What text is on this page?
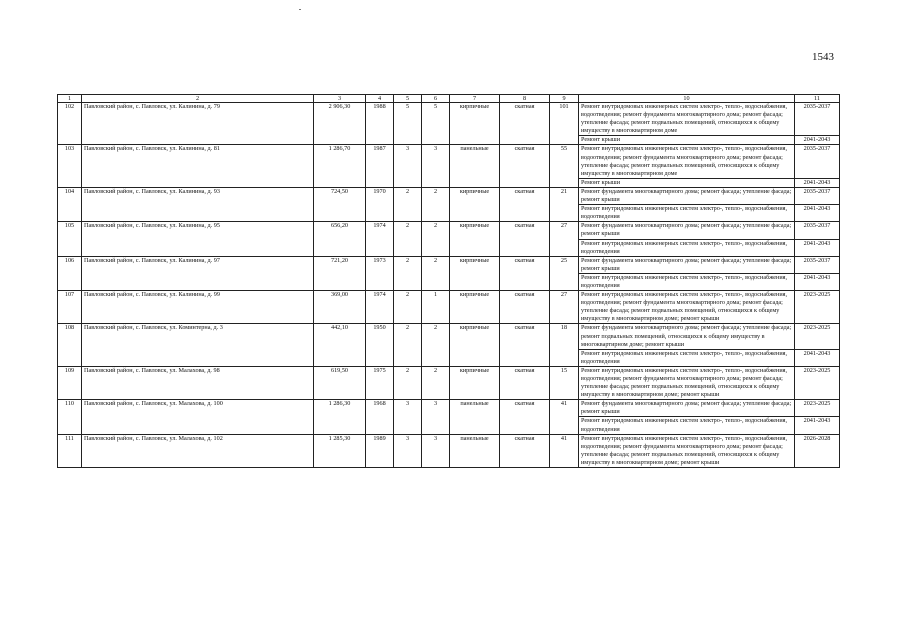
1543
1	2	3	4	5	6	7	8	9	10	11
102	Павловский район, с. Павловск, ул. Калинина, д. 79	2 906,30	1988	5	5	кирпичные	скатная	101	Ремонт внутридомовых инженерных систем электро-, тепло-, водоснабжения, водоотведения; ремонт фундамента многоквартирного дома; ремонт фасада; утепление фасада; ремонт подвальных помещений, относящихся к общему имуществу в многоквартирном доме	2035-2037
									Ремонт крыши	2041-2043
103	Павловский район, с. Павловск, ул. Калинина, д. 81	1 286,70	1987	3	3	панельные	скатная	55	Ремонт внутридомовых инженерных систем электро-, тепло-, водоснабжения, водоотведения; ремонт фундамента многоквартирного дома; ремонт фасада; утепление фасада; ремонт подвальных помещений, относящихся к общему имуществу в многоквартирном доме	2035-2037
									Ремонт крыши	2041-2043
104	Павловский район, с. Павловск, ул. Калинина, д. 93	724,50	1970	2	2	кирпичные	скатная	21	Ремонт фундамента многоквартирного дома; ремонт фасада; утепление фасада; ремонт крыши	2035-2037
									Ремонт внутридомовых инженерных систем электро-, тепло-, водоснабжения, водоотведения	2041-2043
105	Павловский район, с. Павловск, ул. Калинина, д. 95	656,20	1974	2	2	кирпичные	скатная	27	Ремонт фундамента многоквартирного дома; ремонт фасада; утепление фасада; ремонт крыши	2035-2037
									Ремонт внутридомовых инженерных систем электро-, тепло-, водоснабжения, водоотведения	2041-2043
106	Павловский район, с. Павловск, ул. Калинина, д. 97	721,20	1973	2	2	кирпичные	скатная	25	Ремонт фундамента многоквартирного дома; ремонт фасада; утепление фасада; ремонт крыши	2035-2037
									Ремонт внутридомовых инженерных систем электро-, тепло-, водоснабжения, водоотведения	2041-2043
107	Павловский район, с. Павловск, ул. Калинина, д. 99	369,00	1974	2	1	кирпичные	скатная	27	Ремонт внутридомовых инженерных систем электро-, тепло-, водоснабжения, водоотведения; ремонт фундамента многоквартирного дома; ремонт фасада; утепление фасада; ремонт подвальных помещений, относящихся к общему имуществу в многоквартирном доме; ремонт крыши	2023-2025
108	Павловский район, с. Павловск, ул. Коминтерна, д. 3	442,10	1950	2	2	кирпичные	скатная	18	Ремонт фундамента многоквартирного дома; ремонт фасада; утепление фасада; ремонт подвальных помещений, относящихся к общему имуществу в многоквартирном доме; ремонт крыши	2023-2025
									Ремонт внутридомовых инженерных систем электро-, тепло-, водоснабжения, водоотведения	2041-2043
109	Павловский район, с. Павловск, ул. Малахова, д. 98	619,50	1975	2	2	кирпичные	скатная	15	Ремонт внутридомовых инженерных систем электро-, тепло-, водоснабжения, водоотведения; ремонт фундамента многоквартирного дома; ремонт фасада; утепление фасада; ремонт подвальных помещений, относящихся к общему имуществу в многоквартирном доме; ремонт крыши	2023-2025
110	Павловский район, с. Павловск, ул. Малахова, д. 100	1 286,30	1968	3	3	панельные	скатная	41	Ремонт фундамента многоквартирного дома; ремонт фасада; утепление фасада; ремонт крыши	2023-2025
									Ремонт внутридомовых инженерных систем электро-, тепло-, водоснабжения, водоотведения	2041-2043
111	Павловский район, с. Павловск, ул. Малахова, д. 102	1 285,30	1989	3	3	панельные	скатная	41	Ремонт внутридомовых инженерных систем электро-, тепло-, водоснабжения, водоотведения; ремонт фундамента многоквартирного дома; ремонт фасада; утепление фасада; ремонт подвальных помещений, относящихся к общему имуществу в многоквартирном доме; ремонт крыши	2026-2028
